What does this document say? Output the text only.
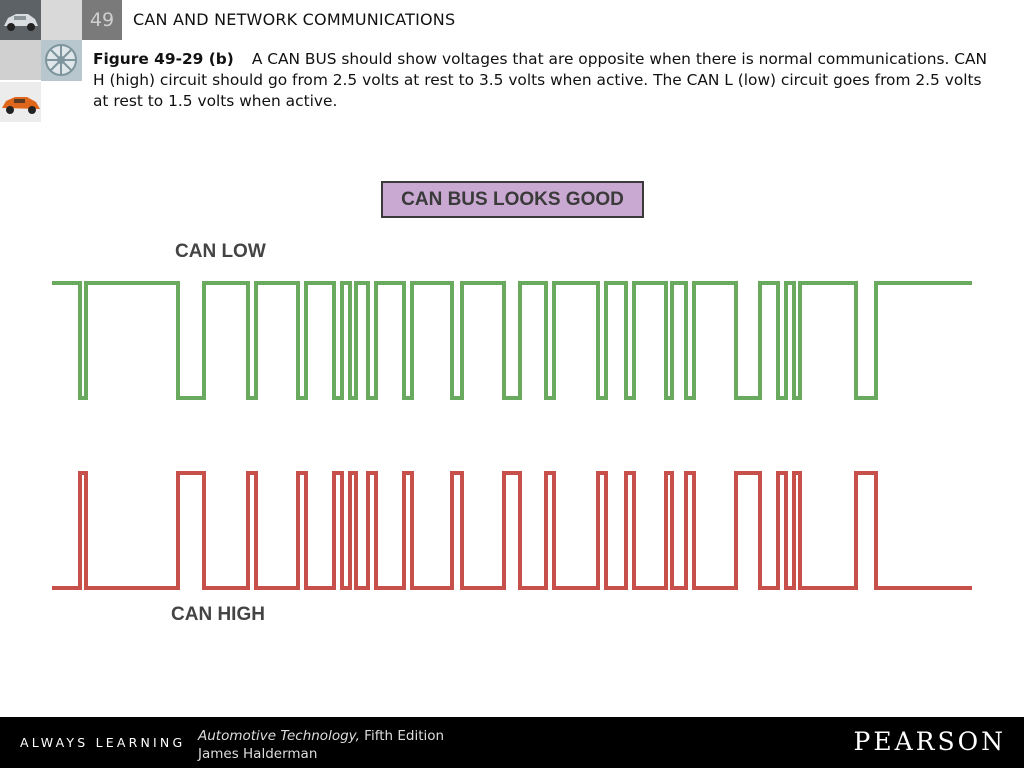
49	CAN AND NETWORK COMMUNICATIONS
Figure 49-29 (b) A CAN BUS should show voltages that are opposite when there is normal communications. CAN H (high) circuit should go from 2.5 volts at rest to 3.5 volts when active. The CAN L (low) circuit goes from 2.5 volts at rest to 1.5 volts when active.
CAN BUS LOOKS GOOD
CAN LOW
CAN HIGH
ALWAYS LEARNING Automotive Technology, Fifth Edition
James Halderman	PEARSON
